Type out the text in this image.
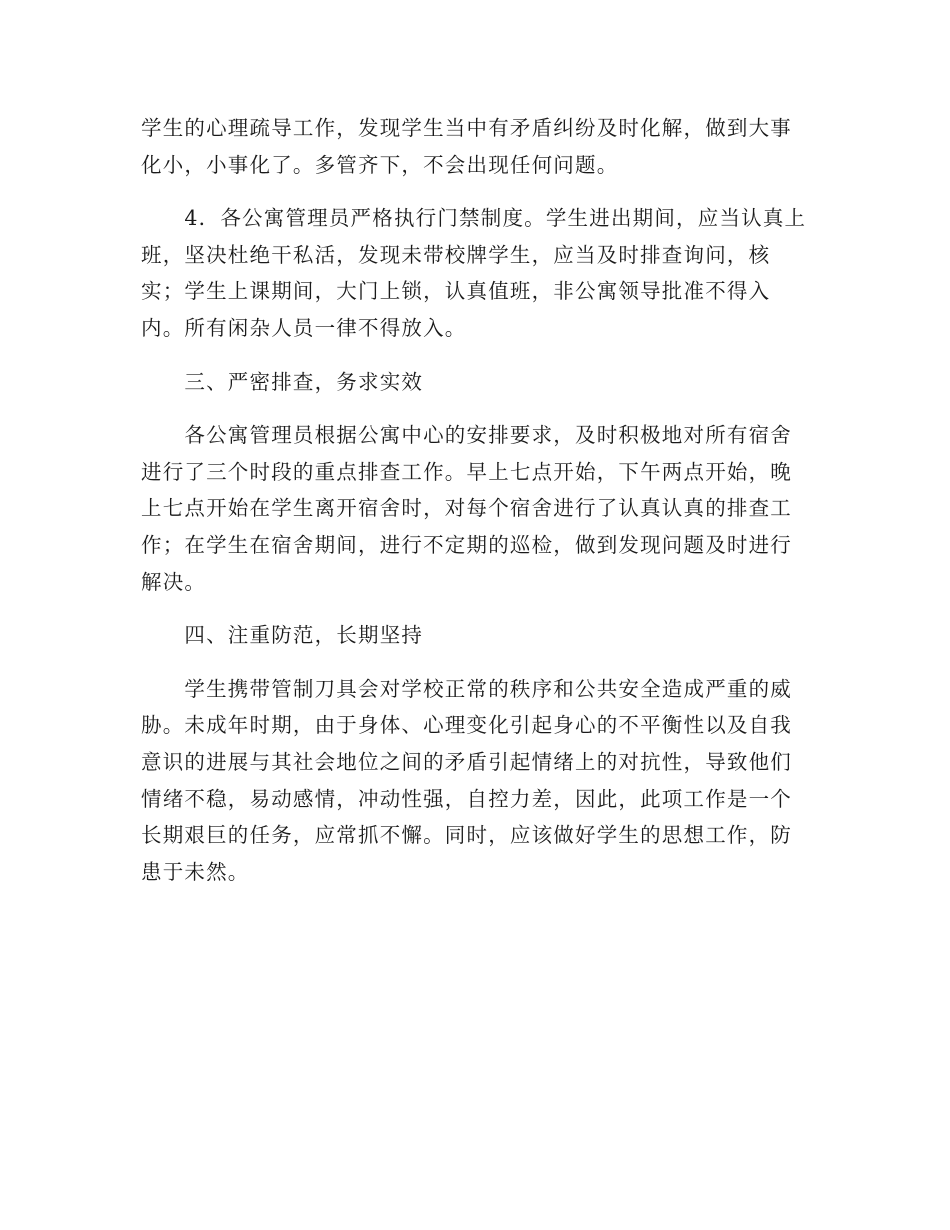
学生的心理疏导工作，发现学生当中有矛盾纠纷及时化解，做到大事
化小，小事化了。多管齐下，不会出现任何问题。

　　4．各公寓管理员严格执行门禁制度。学生进出期间，应当认真上
班，坚决杜绝干私活，发现未带校牌学生，应当及时排查询问，核
实；学生上课期间，大门上锁，认真值班，非公寓领导批准不得入
内。所有闲杂人员一律不得放入。

　　三、严密排查，务求实效

　　各公寓管理员根据公寓中心的安排要求，及时积极地对所有宿舍
进行了三个时段的重点排查工作。早上七点开始，下午两点开始，晚
上七点开始在学生离开宿舍时，对每个宿舍进行了认真认真的排查工
作；在学生在宿舍期间，进行不定期的巡检，做到发现问题及时进行
解决。

　　四、注重防范，长期坚持

　　学生携带管制刀具会对学校正常的秩序和公共安全造成严重的威
胁。未成年时期，由于身体、心理变化引起身心的不平衡性以及自我
意识的进展与其社会地位之间的矛盾引起情绪上的对抗性，导致他们
情绪不稳，易动感情，冲动性强，自控力差，因此，此项工作是一个
长期艰巨的任务，应常抓不懈。同时，应该做好学生的思想工作，防
患于未然。
